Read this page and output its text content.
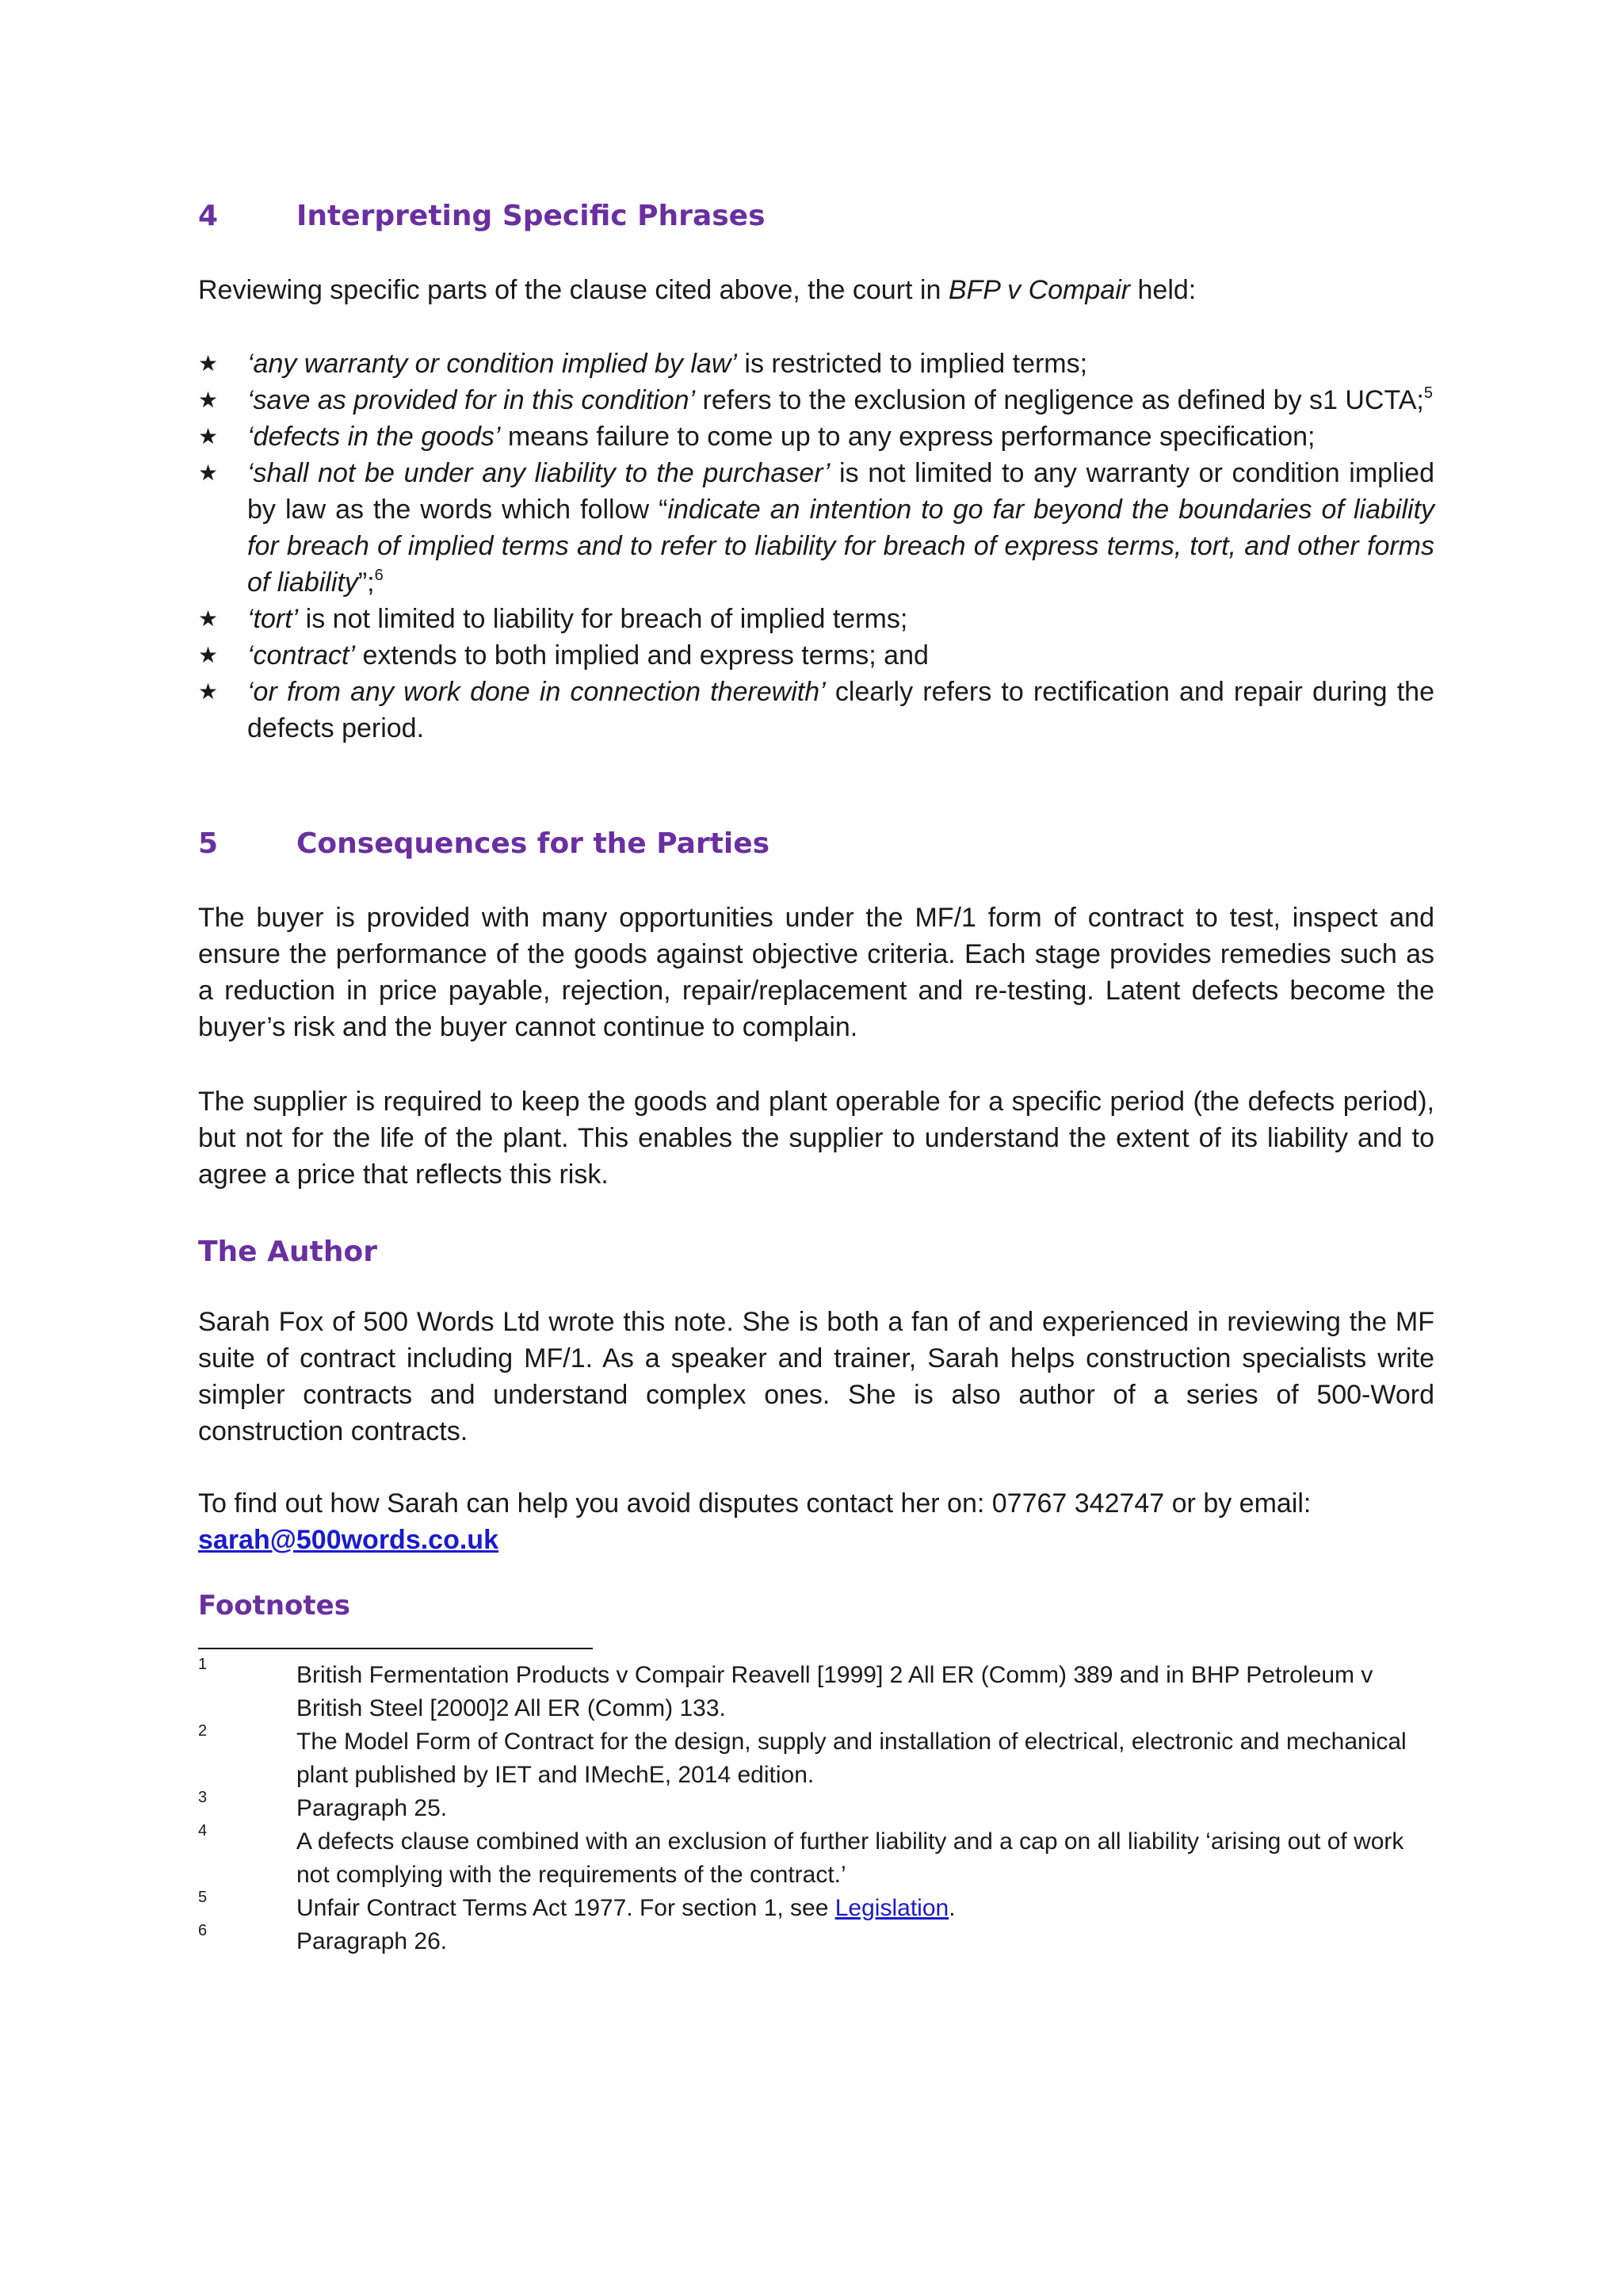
4	Interpreting Specific Phrases

Reviewing specific parts of the clause cited above, the court in BFP v Compair held:

★ ‘any warranty or condition implied by law’ is restricted to implied terms;
★ ‘save as provided for in this condition’ refers to the exclusion of negligence as defined by s1 UCTA;$^5$
★ ‘defects in the goods’ means failure to come up to any express performance specification;
★ ‘shall not be under any liability to the purchaser’ is not limited to any warranty or condition implied by law as the words which follow “indicate an intention to go far beyond the boundaries of liability for breach of implied terms and to refer to liability for breach of express terms, tort, and other forms of liability”;$^6$
★ ‘tort’ is not limited to liability for breach of implied terms;
★ ‘contract’ extends to both implied and express terms; and
★ ‘or from any work done in connection therewith’ clearly refers to rectification and repair during the defects period.
5	Consequences for the Parties

The buyer is provided with many opportunities under the MF/1 form of contract to test, inspect and ensure the performance of the goods against objective criteria. Each stage provides remedies such as a reduction in price payable, rejection, repair/replacement and re-testing. Latent defects become the buyer’s risk and the buyer cannot continue to complain.

The supplier is required to keep the goods and plant operable for a specific period (the defects period), but not for the life of the plant. This enables the supplier to understand the extent of its liability and to agree a price that reflects this risk.

The Author

Sarah Fox of 500 Words Ltd wrote this note. She is both a fan of and experienced in reviewing the MF suite of contract including MF/1. As a speaker and trainer, Sarah helps construction specialists write simpler contracts and understand complex ones. She is also author of a series of 500-Word construction contracts.

To find out how Sarah can help you avoid disputes contact her on: 07767 342747 or by email:
sarah@500words.co.uk

Footnotes
1	British Fermentation Products v Compair Reavell [1999] 2 All ER (Comm) 389 and in BHP Petroleum v British Steel [2000]2 All ER (Comm) 133.
2	The Model Form of Contract for the design, supply and installation of electrical, electronic and mechanical plant published by IET and IMechE, 2014 edition.
3	Paragraph 25.
4	A defects clause combined with an exclusion of further liability and a cap on all liability ‘arising out of work not complying with the requirements of the contract.’
5	Unfair Contract Terms Act 1977. For section 1, see Legislation.
6	Paragraph 26.
